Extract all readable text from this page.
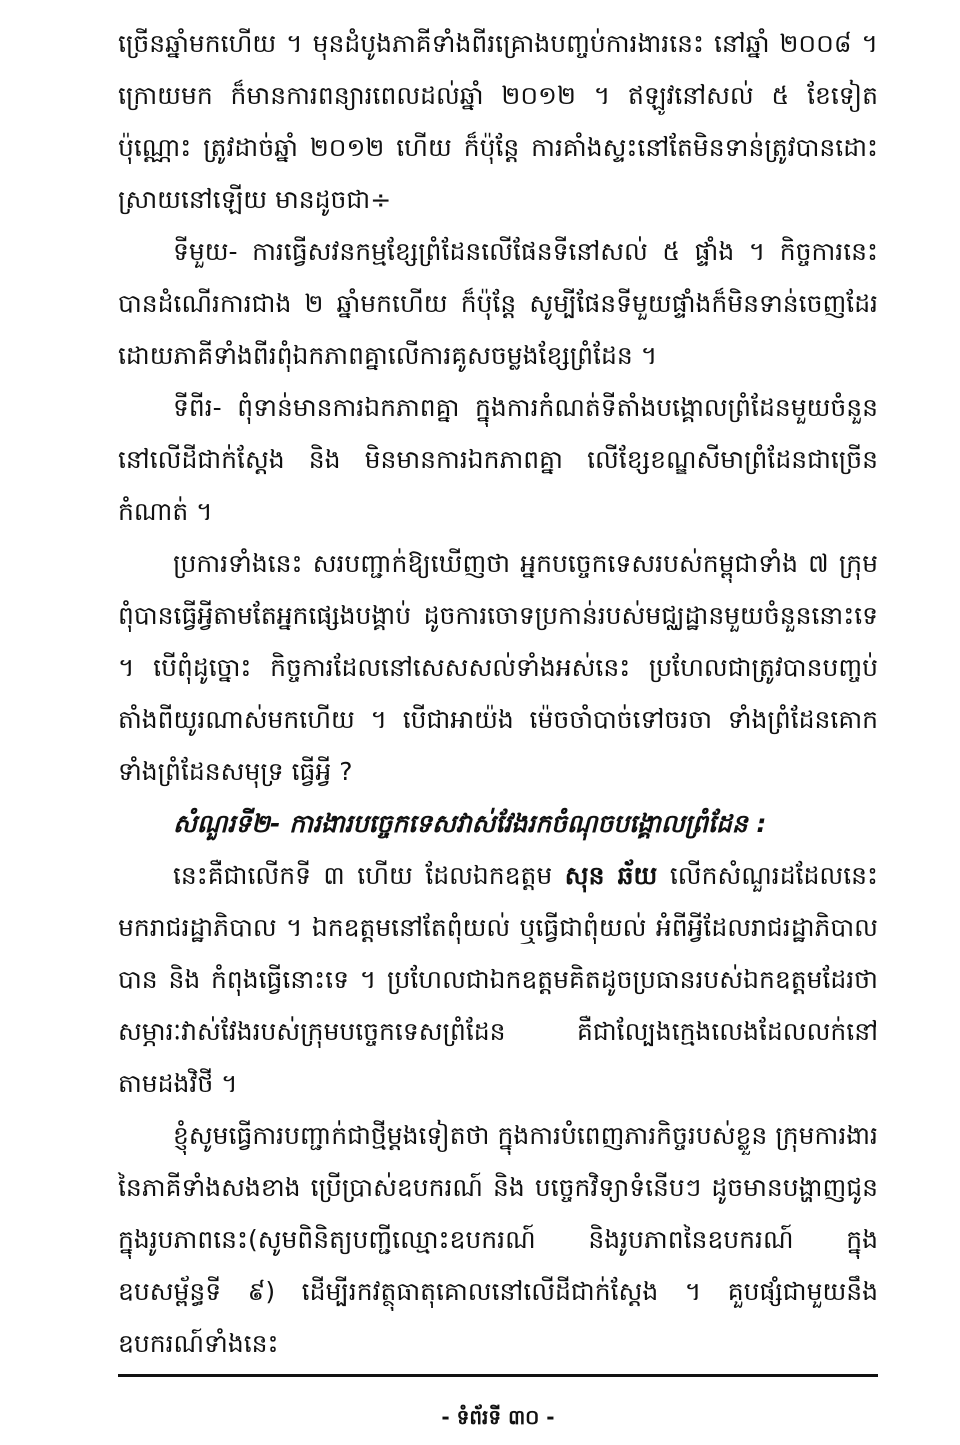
ច្រើនឆ្នាំមកហើយ ។ មុនដំបូងភាគីទាំងពីរគ្រោងបញ្ចប់ការងារនេះ នៅឆ្នាំ ២០០៨ ។ ក្រោយមក ក៏មានការពន្យារពេលដល់ឆ្នាំ ២០១២ ។ ឥឡូវនៅសល់ ៥ ខែទៀតប៉ុណ្ណោះ ត្រូវដាច់ឆ្នាំ ២០១២ ហើយ ក៏ប៉ុន្តែ ការគាំងស្ទះនៅតែមិនទាន់ត្រូវបានដោះស្រាយនៅឡើយ មានដូចជា÷

ទីមួយ- ការធ្វើសវនកម្មខ្សែព្រំដែនលើផែនទីនៅសល់ ៥ ផ្ទាំង ។ កិច្ចការនេះ បានដំណើរការជាង ២ ឆ្នាំមកហើយ ក៏ប៉ុន្តែ សូម្បីផែនទីមួយផ្ទាំងក៏មិនទាន់ចេញដែរ ដោយភាគីទាំងពីរពុំឯកភាពគ្នាលើការគូសចម្លងខ្សែព្រំដែន ។

ទីពីរ- ពុំទាន់មានការឯកភាពគ្នា ក្នុងការកំណត់ទីតាំងបង្គោលព្រំដែនមួយចំនួននៅលើដីជាក់ស្តែង និង មិនមានការឯកភាពគ្នា លើខ្សែខណ្ឌសីមាព្រំដែនជាច្រើនកំណាត់ ។

ប្រការទាំងនេះ សរបញ្ជាក់ឱ្យឃើញថា អ្នកបច្ចេកទេសរបស់កម្ពុជាទាំង ៧ ក្រុម ពុំបានធ្វើអ្វីតាមតែអ្នកផ្សេងបង្គាប់ ដូចការចោទប្រកាន់របស់មជ្ឈដ្ឋានមួយចំនួននោះទេ ។ បើពុំដូច្នោះ កិច្ចការដែលនៅសេសសល់ទាំងអស់នេះ ប្រហែលជាត្រូវបានបញ្ចប់តាំងពីយូរណាស់មកហើយ ។ បើជាអាយ៉ង ម៉េចចាំបាច់ទៅចរចា ទាំងព្រំដែនគោក ទាំងព្រំដែនសមុទ្រ ធ្វើអ្វី ?

សំណួរទី២- ការងារបច្ចេកទេសវាស់វែងរកចំណុចបង្គោលព្រំដែន :

នេះគឺជាលើកទី ៣ ហើយ ដែលឯកឧត្តម សុន ឆ័យ លើកសំណួរដដែលនេះមករាជរដ្ឋាភិបាល ។ ឯកឧត្តមនៅតែពុំយល់ ឬធ្វើជាពុំយល់ អំពីអ្វីដែលរាជរដ្ឋាភិបាលបាន និង កំពុងធ្វើនោះទេ ។ ប្រហែលជាឯកឧត្តមគិតដូចប្រធានរបស់ឯកឧត្តមដែរថា សម្ភារៈវាស់វែងរបស់ក្រុមបច្ចេកទេសព្រំដែន គឺជាល្បែងក្មេងលេងដែលលក់នៅតាមដងវិថី ។

ខ្ញុំសូមធ្វើការបញ្ជាក់ជាថ្មីម្តងទៀតថា ក្នុងការបំពេញភារកិច្ចរបស់ខ្លួន ក្រុមការងារនៃភាគីទាំងសងខាង ប្រើប្រាស់ឧបករណ៍ និង បច្ចេកវិទ្យាទំនើបៗ ដូចមានបង្ហាញជូនក្នុងរូបភាពនេះ(សូមពិនិត្យបញ្ជីឈ្មោះឧបករណ៍ និងរូបភាពនៃឧបករណ៍ ក្នុងឧបសម្ព័ន្ធទី ៩) ដើម្បីរកវត្ថុធាតុគោលនៅលើដីជាក់ស្តែង ។ គួបផ្សំជាមួយនឹង ឧបករណ៍ទាំងនេះ

- ទំព័រទី ៣០ -
